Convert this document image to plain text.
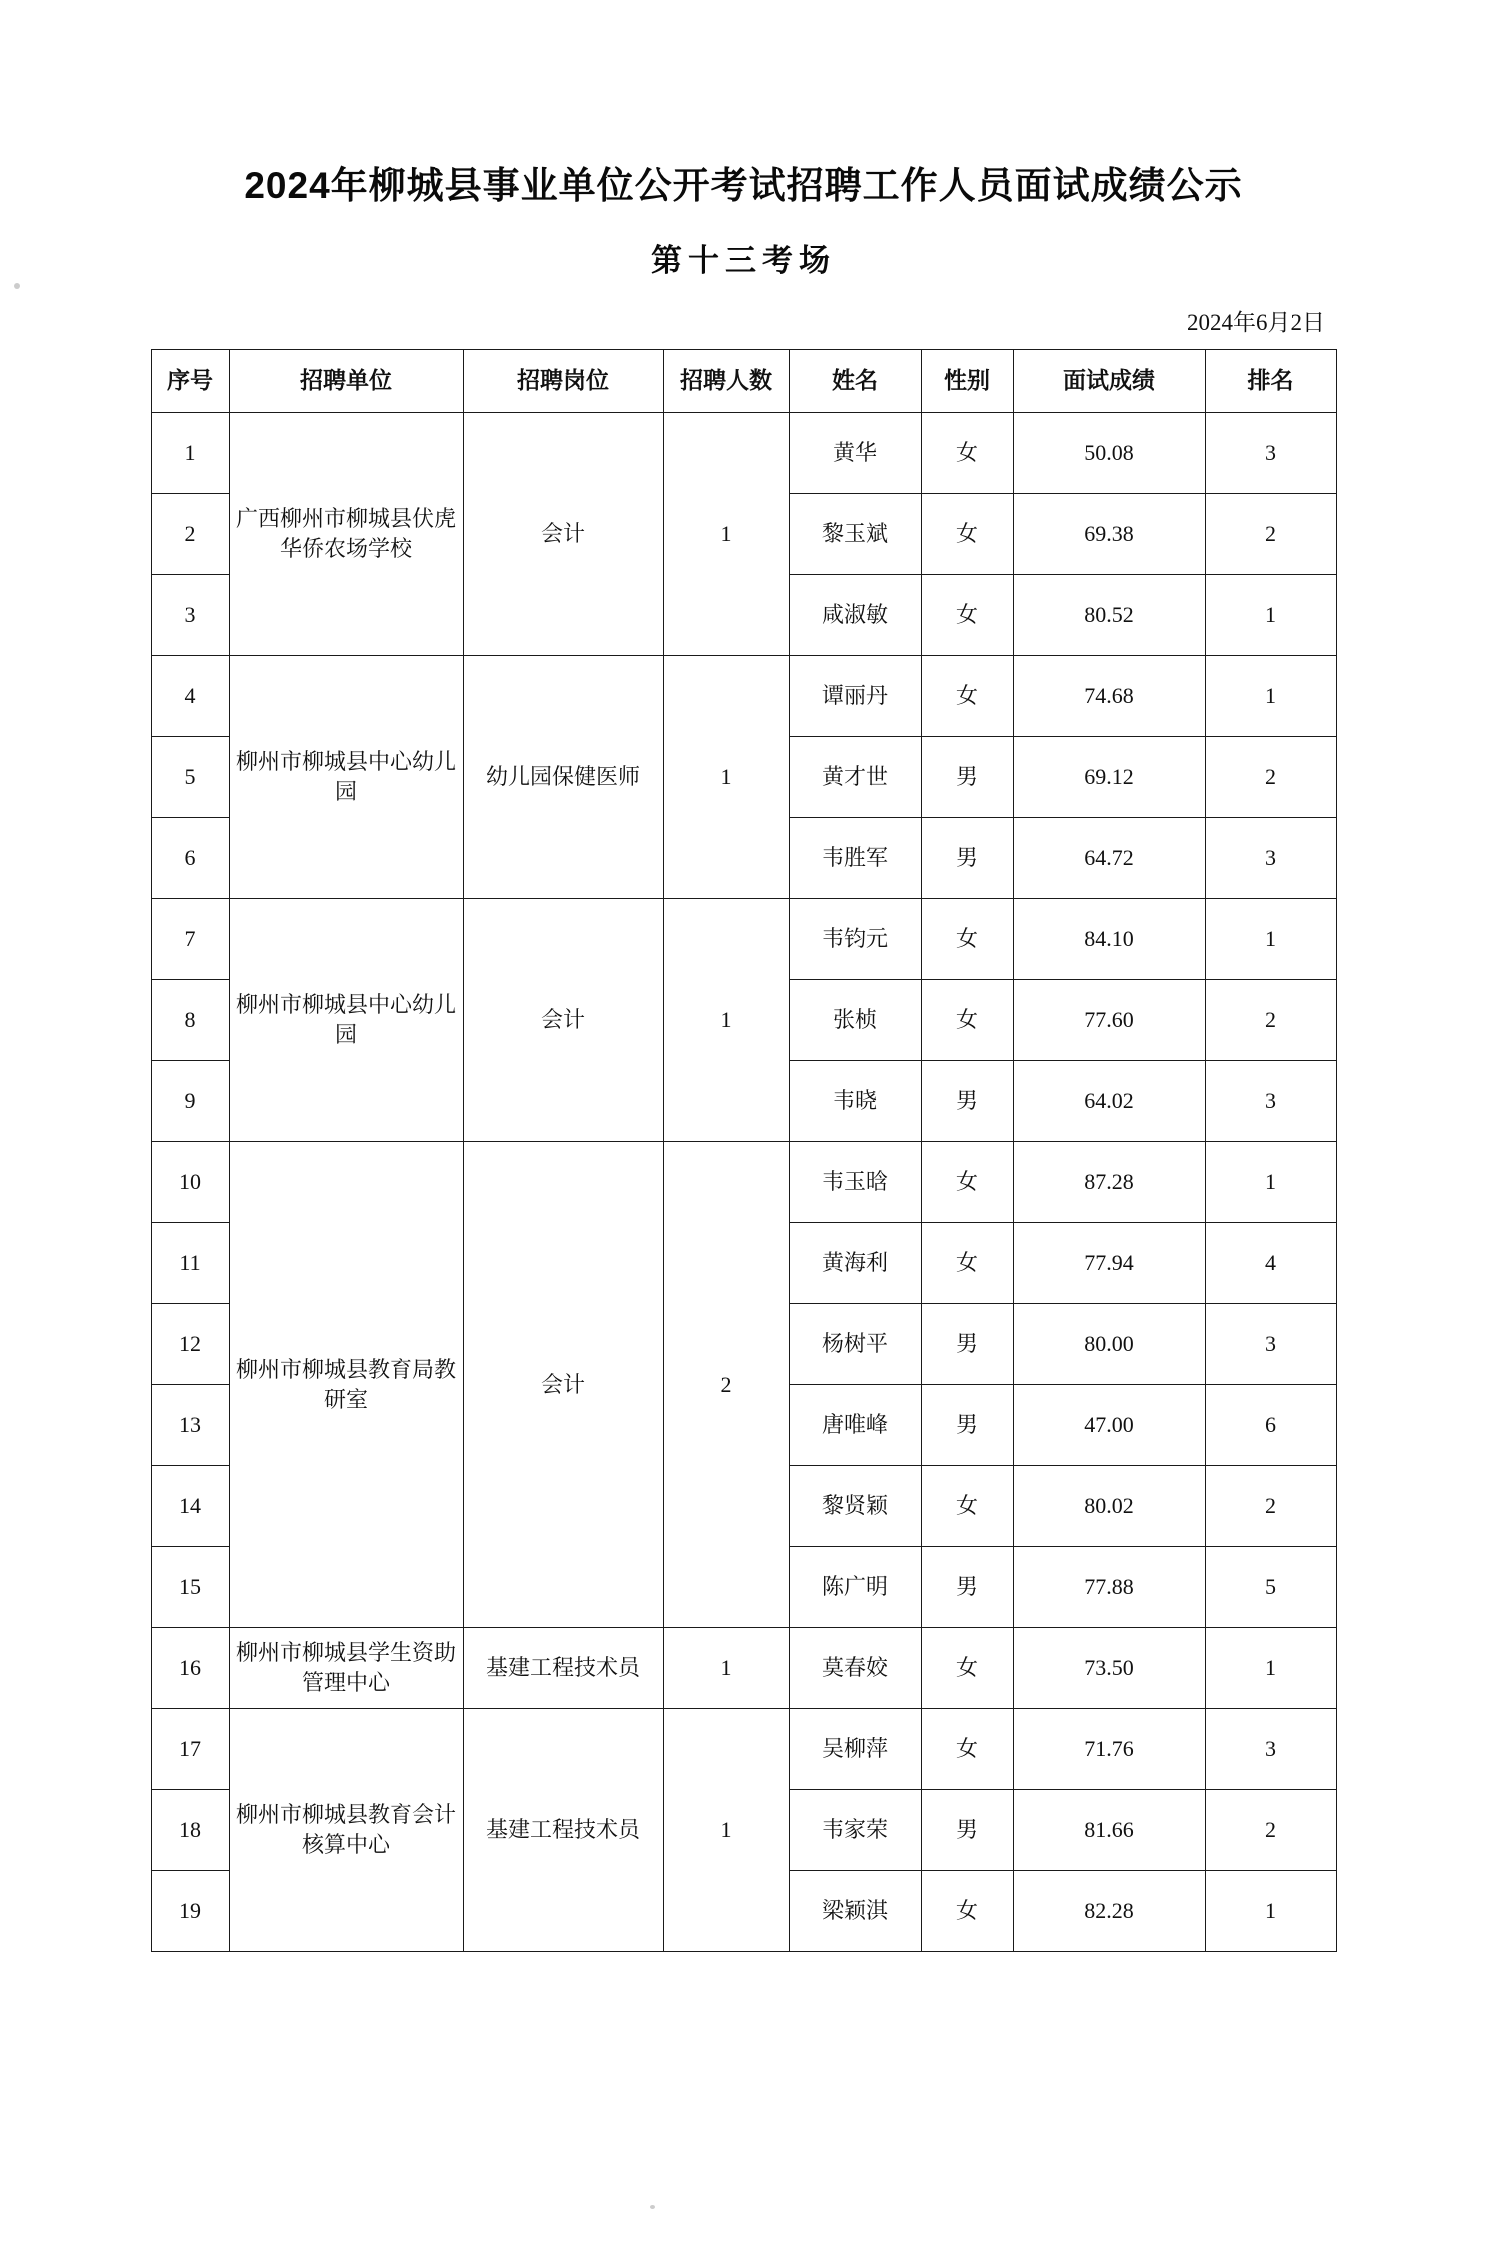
2024年柳城县事业单位公开考试招聘工作人员面试成绩公示
第十三考场
2024年6月2日
序号	招聘单位	招聘岗位	招聘人数	姓名	性别	面试成绩	排名
1	广西柳州市柳城县伏虎华侨农场学校	会计	1	黄华	女	50.08	3
2				黎玉斌	女	69.38	2
3				咸淑敏	女	80.52	1
4	柳州市柳城县中心幼儿园	幼儿园保健医师	1	谭丽丹	女	74.68	1
5				黄才世	男	69.12	2
6				韦胜军	男	64.72	3
7	柳州市柳城县中心幼儿园	会计	1	韦钧元	女	84.10	1
8				张桢	女	77.60	2
9				韦晓	男	64.02	3
10	柳州市柳城县教育局教研室	会计	2	韦玉晗	女	87.28	1
11				黄海利	女	77.94	4
12				杨树平	男	80.00	3
13				唐唯峰	男	47.00	6
14				黎贤颖	女	80.02	2
15				陈广明	男	77.88	5
16	柳州市柳城县学生资助管理中心	基建工程技术员	1	莫春姣	女	73.50	1
17	柳州市柳城县教育会计核算中心	基建工程技术员	1	吴柳萍	女	71.76	3
18				韦家荣	男	81.66	2
19				梁颖淇	女	82.28	1
